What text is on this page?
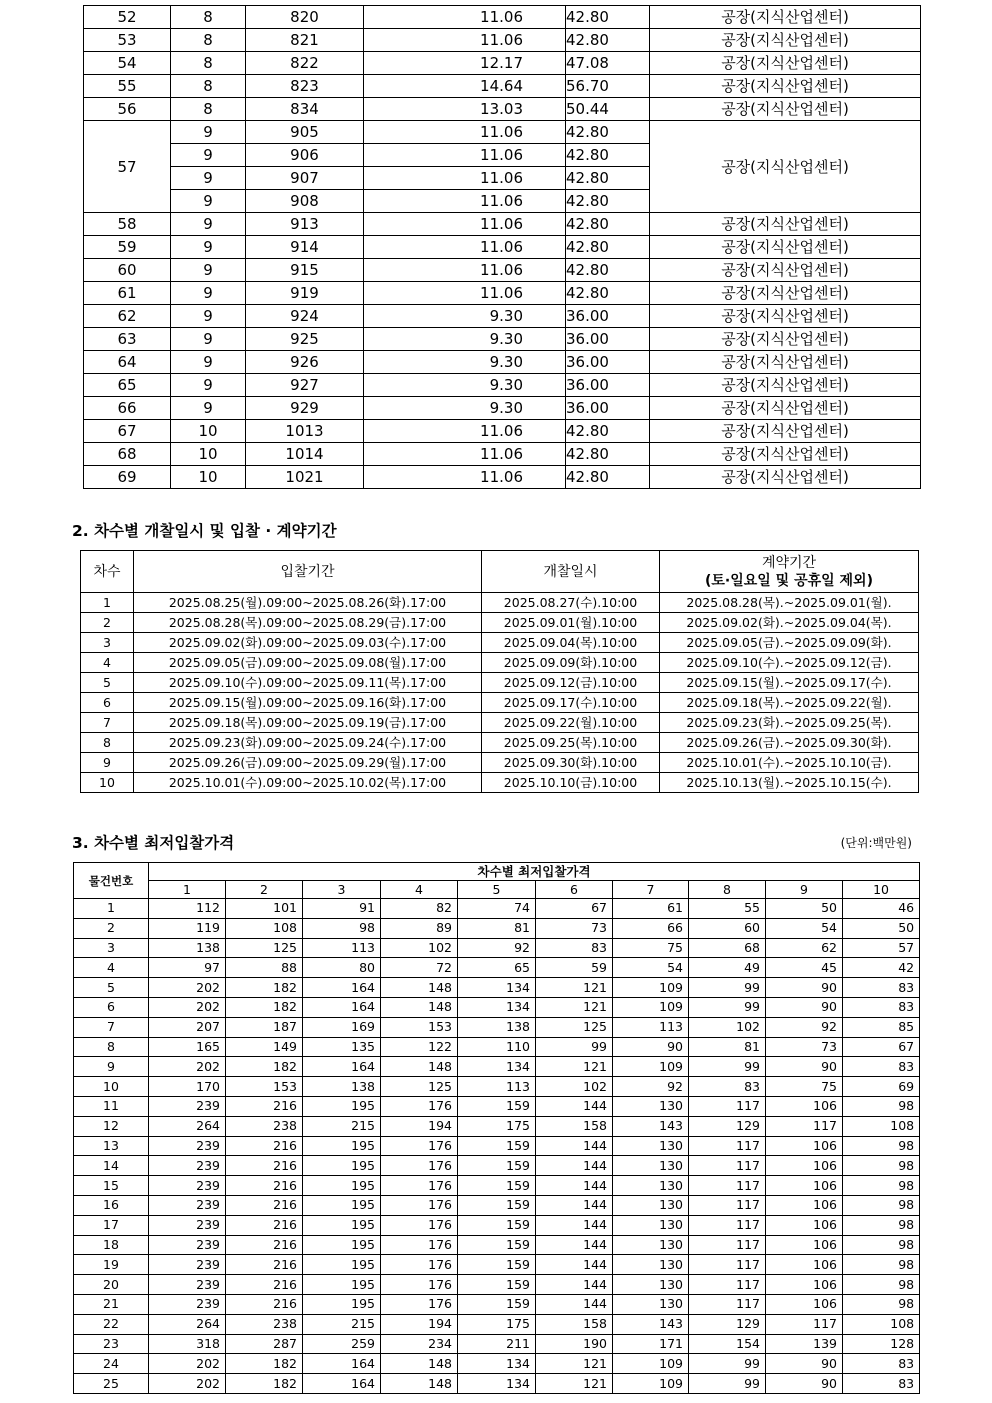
52	8	820	11.06	42.80	공장(지식산업센터)
53	8	821	11.06	42.80	공장(지식산업센터)
54	8	822	12.17	47.08	공장(지식산업센터)
55	8	823	14.64	56.70	공장(지식산업센터)
56	8	834	13.03	50.44	공장(지식산업센터)
57	9	905	11.06	42.80	공장(지식산업센터)
	9	906	11.06	42.80	
	9	907	11.06	42.80	
	9	908	11.06	42.80	
58	9	913	11.06	42.80	공장(지식산업센터)
59	9	914	11.06	42.80	공장(지식산업센터)
60	9	915	11.06	42.80	공장(지식산업센터)
61	9	919	11.06	42.80	공장(지식산업센터)
62	9	924	9.30	36.00	공장(지식산업센터)
63	9	925	9.30	36.00	공장(지식산업센터)
64	9	926	9.30	36.00	공장(지식산업센터)
65	9	927	9.30	36.00	공장(지식산업센터)
66	9	929	9.30	36.00	공장(지식산업센터)
67	10	1013	11.06	42.80	공장(지식산업센터)
68	10	1014	11.06	42.80	공장(지식산업센터)
69	10	1021	11.06	42.80	공장(지식산업센터)
2. 차수별 개찰일시 및 입찰 · 계약기간
차수	입찰기간	개찰일시	계약기간
(토·일요일 및 공휴일 제외)

1	2025.08.25(월).09:00~2025.08.26(화).17:00	2025.08.27(수).10:00	2025.08.28(목).~2025.09.01(월).
2	2025.08.28(목).09:00~2025.08.29(금).17:00	2025.09.01(월).10:00	2025.09.02(화).~2025.09.04(목).
3	2025.09.02(화).09:00~2025.09.03(수).17:00	2025.09.04(목).10:00	2025.09.05(금).~2025.09.09(화).
4	2025.09.05(금).09:00~2025.09.08(월).17:00	2025.09.09(화).10:00	2025.09.10(수).~2025.09.12(금).
5	2025.09.10(수).09:00~2025.09.11(목).17:00	2025.09.12(금).10:00	2025.09.15(월).~2025.09.17(수).
6	2025.09.15(월).09:00~2025.09.16(화).17:00	2025.09.17(수).10:00	2025.09.18(목).~2025.09.22(월).
7	2025.09.18(목).09:00~2025.09.19(금).17:00	2025.09.22(월).10:00	2025.09.23(화).~2025.09.25(목).
8	2025.09.23(화).09:00~2025.09.24(수).17:00	2025.09.25(목).10:00	2025.09.26(금).~2025.09.30(화).
9	2025.09.26(금).09:00~2025.09.29(월).17:00	2025.09.30(화).10:00	2025.10.01(수).~2025.10.10(금).
10	2025.10.01(수).09:00~2025.10.02(목).17:00	2025.10.10(금).10:00	2025.10.13(월).~2025.10.15(수).
3. 차수별 최저입찰가격	(단위:백만원)
물건번호	차수별 최저입찰가격									
	1	2	3	4	5	6	7	8	9	10
1	112	101	91	82	74	67	61	55	50	46
2	119	108	98	89	81	73	66	60	54	50
3	138	125	113	102	92	83	75	68	62	57
4	97	88	80	72	65	59	54	49	45	42
5	202	182	164	148	134	121	109	99	90	83
6	202	182	164	148	134	121	109	99	90	83
7	207	187	169	153	138	125	113	102	92	85
8	165	149	135	122	110	99	90	81	73	67
9	202	182	164	148	134	121	109	99	90	83
10	170	153	138	125	113	102	92	83	75	69
11	239	216	195	176	159	144	130	117	106	98
12	264	238	215	194	175	158	143	129	117	108
13	239	216	195	176	159	144	130	117	106	98
14	239	216	195	176	159	144	130	117	106	98
15	239	216	195	176	159	144	130	117	106	98
16	239	216	195	176	159	144	130	117	106	98
17	239	216	195	176	159	144	130	117	106	98
18	239	216	195	176	159	144	130	117	106	98
19	239	216	195	176	159	144	130	117	106	98
20	239	216	195	176	159	144	130	117	106	98
21	239	216	195	176	159	144	130	117	106	98
22	264	238	215	194	175	158	143	129	117	108
23	318	287	259	234	211	190	171	154	139	128
24	202	182	164	148	134	121	109	99	90	83
25	202	182	164	148	134	121	109	99	90	83
